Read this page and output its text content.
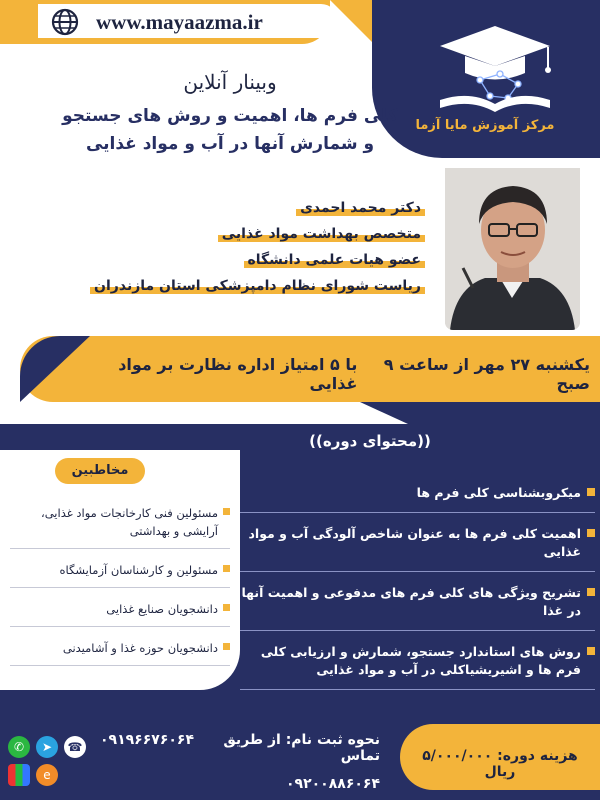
www.mayaazma.ir
مرکز آموزش مایا آزما
وبینار آنلاین
کلی فرم ها، اهمیت و روش های جستجو
و شمارش آنها در آب و مواد غذایی
دکتر محمد احمدی
متخصص بهداشت مواد غذایی
عضو هیات علمی دانشگاه
ریاست شورای نظام دامپزشکی استان مازندران
یکشنبه ۲۷ مهر از ساعت ۹ صبح
با ۵ امتیاز اداره نظارت بر مواد غذایی
((محتوای دوره))
میکروبشناسی کلی فرم ها
اهمیت کلی فرم ها به عنوان شاخص آلودگی آب و مواد غذایی
تشریح ویژگی های کلی فرم های مدفوعی و اهمیت آنها در غذا
روش های استاندارد جستجو، شمارش و ارزیابی کلی فرم ها و اشیریشیاکلی در آب و مواد غذایی
مخاطبین
مسئولین فنی کارخانجات مواد غذایی، آرایشی و بهداشتی
مسئولین و کارشناسان آزمایشگاه
دانشجویان صنایع غذایی
دانشجویان حوزه غذا و آشامیدنی
هزینه دوره: ۵/۰۰۰/۰۰۰ ریال
نحوه ثبت نام: از طریق تماس
۰۹۱۹۶۶۷۶۰۶۴
۰۹۲۰۰۸۸۶۰۶۴
✆	➤	☎
e
